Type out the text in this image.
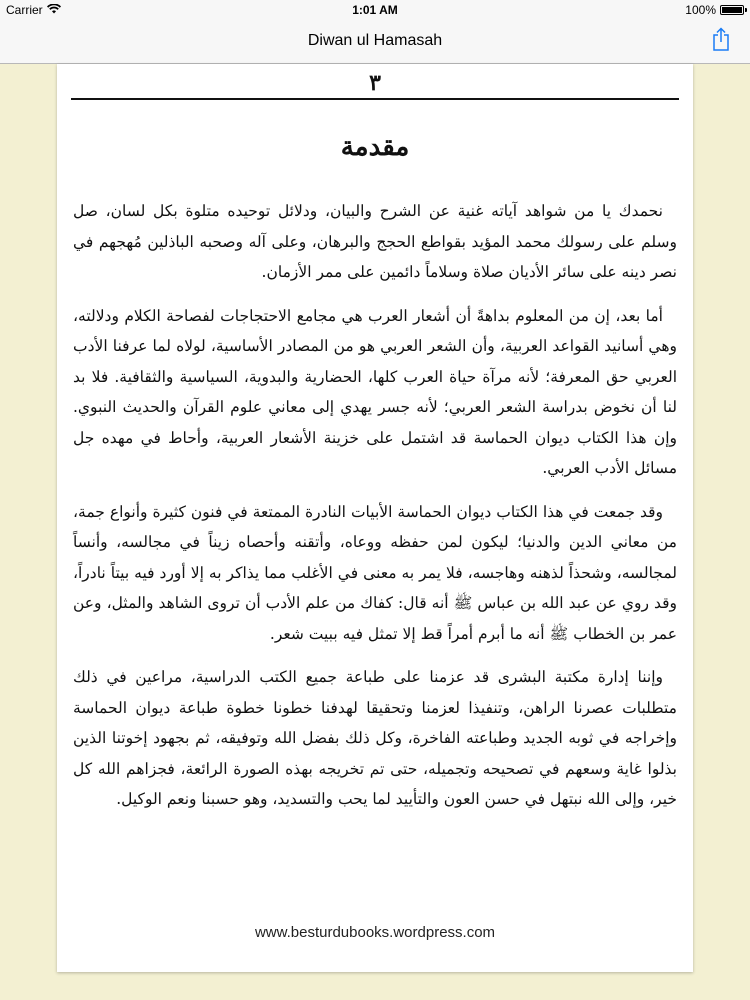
Carrier	1:01 AM	100%
Diwan ul Hamasah
٣
مقدمة

نحمدك يا من شواهد آياته غنية عن الشرح والبيان، ودلائل توحيده متلوة بكل لسان، صل وسلم على رسولك محمد المؤيد بقواطع الحجج والبرهان، وعلى آله وصحبه الباذلين مُهجهم في نصر دينه على سائر الأديان صلاة وسلاماً دائمين على ممر الأزمان.

أما بعد، إن من المعلوم بداهةً أن أشعار العرب هي مجامع الاحتجاجات لفصاحة الكلام ودلالته، وهي أسانيد القواعد العربية، وأن الشعر العربي هو من المصادر الأساسية، لولاه لما عرفنا الأدب العربي حق المعرفة؛ لأنه مرآة حياة العرب كلها، الحضارية والبدوية، السياسية والثقافية. فلا بد لنا أن نخوض بدراسة الشعر العربي؛ لأنه جسر يهدي إلى معاني علوم القرآن والحديث النبوي. وإن هذا الكتاب ديوان الحماسة قد اشتمل على خزينة الأشعار العربية، وأحاط في مهده جل مسائل الأدب العربي.

وقد جمعت في هذا الكتاب ديوان الحماسة الأبيات النادرة الممتعة في فنون كثيرة وأنواع جمة، من معاني الدين والدنيا؛ ليكون لمن حفظه ووعاه، وأتقنه وأحصاه زيناً في مجالسه، وأنساً لمجالسه، وشحذاً لذهنه وهاجسه، فلا يمر به معنى في الأغلب مما يذاكر به إلا أورد فيه بيتاً نادراً، وقد روي عن عبد الله بن عباس ﷺ أنه قال: كفاك من علم الأدب أن تروى الشاهد والمثل، وعن عمر بن الخطاب ﷺ أنه ما أبرم أمراً قط إلا تمثل فيه ببيت شعر.

وإننا إدارة مكتبة البشرى قد عزمنا على طباعة جميع الكتب الدراسية، مراعين في ذلك متطلبات عصرنا الراهن، وتنفيذا لعزمنا وتحقيقا لهدفنا خطونا خطوة طباعة ديوان الحماسة وإخراجه في ثوبه الجديد وطباعته الفاخرة، وكل ذلك بفضل الله وتوفيقه، ثم بجهود إخوتنا الذين بذلوا غاية وسعهم في تصحيحه وتجميله، حتى تم تخريجه بهذه الصورة الرائعة، فجزاهم الله كل خير، وإلى الله نبتهل في حسن العون والتأييد لما يحب والتسديد، وهو حسبنا ونعم الوكيل.

www.besturdubooks.wordpress.com
